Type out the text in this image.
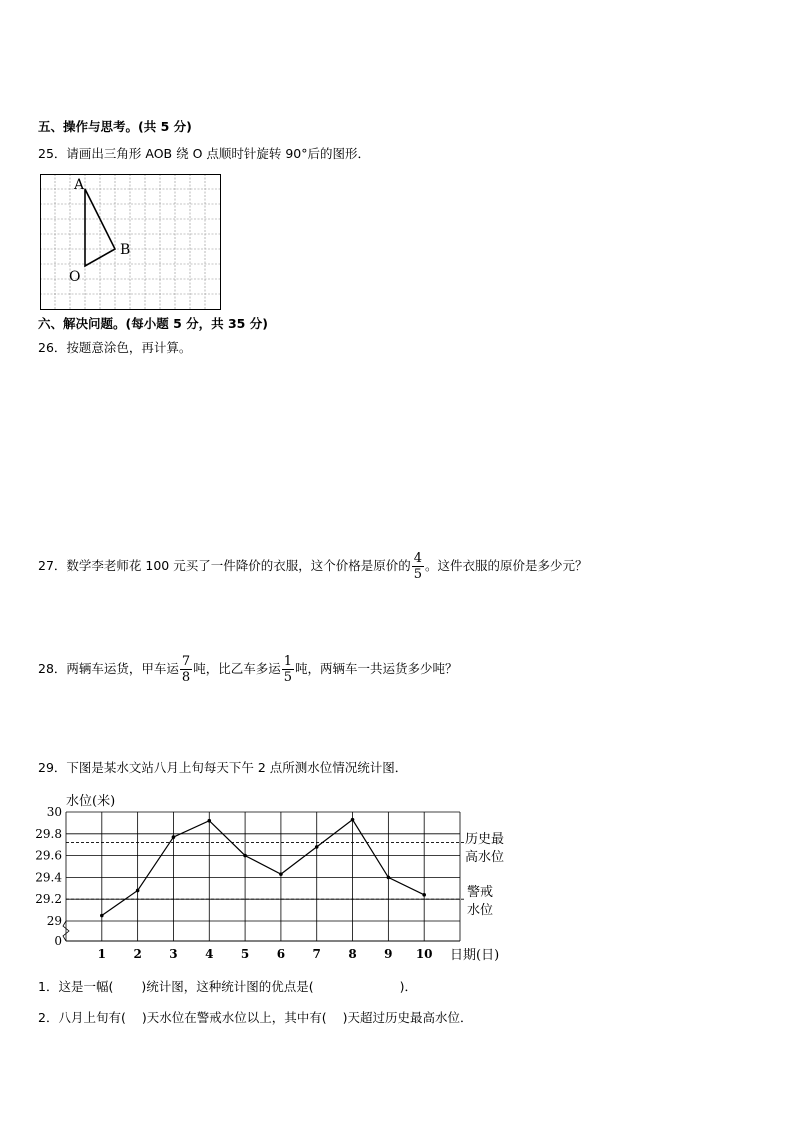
五、操作与思考。(共 5 分)
25．请画出三角形 AOB 绕 O 点顺时针旋转 90°后的图形．
A
B
O
六、解决问题。(每小题 5 分，共 35 分)
26．按题意涂色，再计算。
27．数学李老师花 100 元买了一件降价的衣服，这个价格是原价的 $\frac{4}{5}$ 。这件衣服的原价是多少元？
28．两辆车运货，甲车运 $\frac{7}{8}$ 吨，比乙车多运 $\frac{1}{5}$ 吨，两辆车一共运货多少吨？
29．下图是某水文站八月上旬每天下午 2 点所测水位情况统计图．
30
29.8
29.6
29.4
29.2
29
0
1 2 3 4 5 6 7 8 9 10
水位(米)
日期(日)
历史最
高水位
警戒
水位
1．这是一幅( )统计图，这种统计图的优点是(	)．
2．八月上旬有( )天水位在警戒水位以上，其中有( )天超过历史最高水位．
